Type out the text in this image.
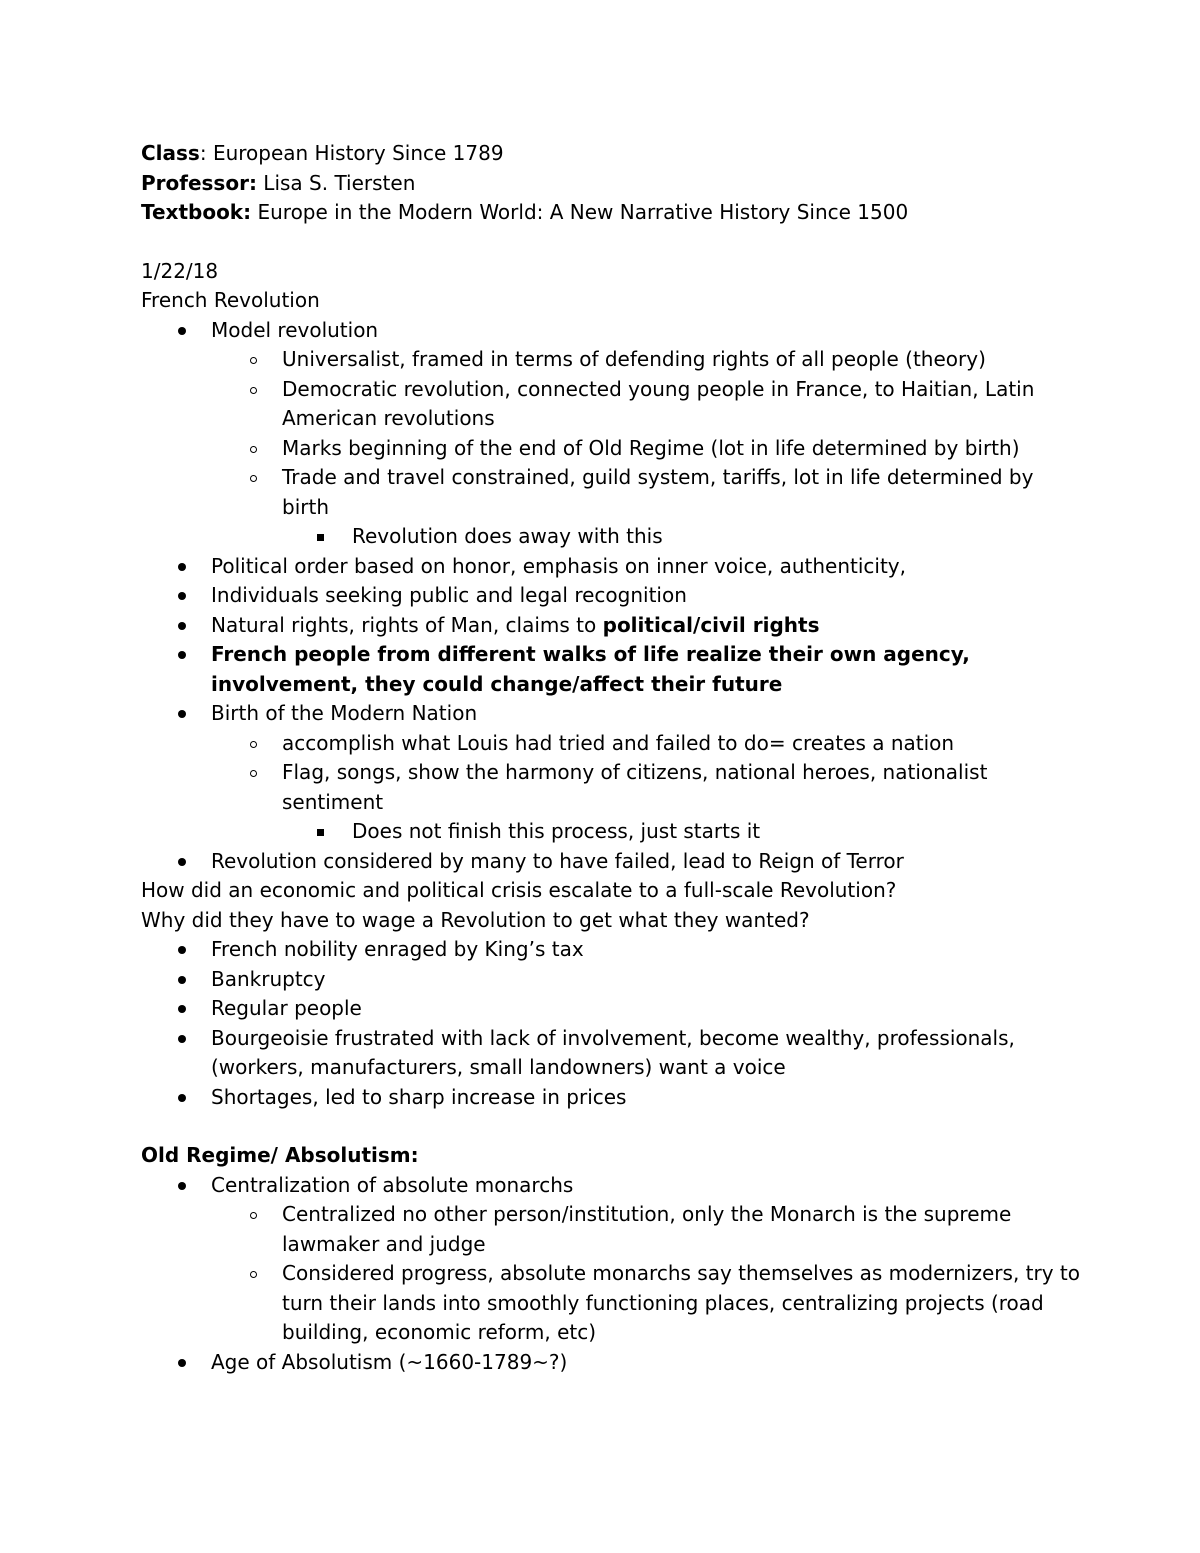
Class: European History Since 1789
Professor: Lisa S. Tiersten
Textbook: Europe in the Modern World: A New Narrative History Since 1500
1/22/18
French Revolution
Model revolution
Universalist, framed in terms of defending rights of all people (theory)
Democratic revolution, connected young people in France, to Haitian, Latin American revolutions
Marks beginning of the end of Old Regime (lot in life determined by birth)
Trade and travel constrained, guild system, tariffs, lot in life determined by birth
Revolution does away with this
Political order based on honor, emphasis on inner voice, authenticity,
Individuals seeking public and legal recognition
Natural rights, rights of Man, claims to political/civil rights
French people from different walks of life realize their own agency, involvement, they could change/affect their future
Birth of the Modern Nation
accomplish what Louis had tried and failed to do= creates a nation
Flag, songs, show the harmony of citizens, national heroes, nationalist sentiment
Does not finish this process, just starts it
Revolution considered by many to have failed, lead to Reign of Terror
How did an economic and political crisis escalate to a full-scale Revolution?
Why did they have to wage a Revolution to get what they wanted?
French nobility enraged by King’s tax
Bankruptcy
Regular people
Bourgeoisie frustrated with lack of involvement, become wealthy, professionals, (workers, manufacturers, small landowners) want a voice
Shortages, led to sharp increase in prices
Old Regime/ Absolutism:
Centralization of absolute monarchs
Centralized no other person/institution, only the Monarch is the supreme lawmaker and judge
Considered progress, absolute monarchs say themselves as modernizers, try to turn their lands into smoothly functioning places, centralizing projects (road building, economic reform, etc)
Age of Absolutism (~1660-1789~?)
